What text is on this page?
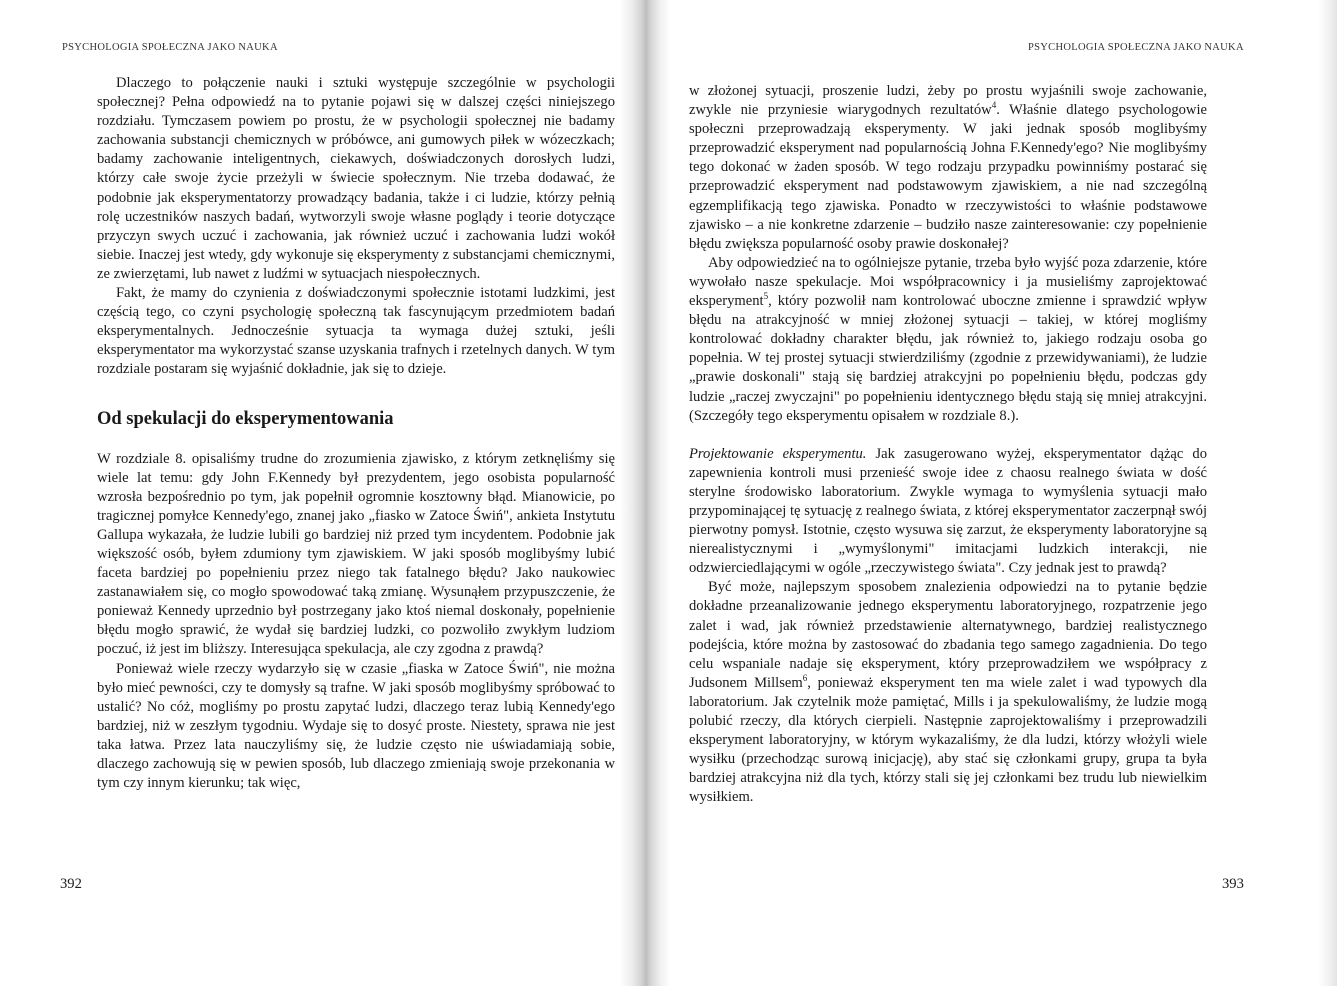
PSYCHOLOGIA SPOŁECZNA JAKO NAUKA

Dlaczego to połączenie nauki i sztuki występuje szczególnie w psychologii społecznej? Pełna odpowiedź na to pytanie pojawi się w dalszej części niniejszego rozdziału. Tymczasem powiem po prostu, że w psychologii społecznej nie badamy zachowania substancji chemicznych w próbówce, ani gumowych piłek w wózeczkach; badamy zachowanie inteligentnych, ciekawych, doświadczonych dorosłych ludzi, którzy całe swoje życie przeżyli w świecie społecznym. Nie trzeba dodawać, że podobnie jak eksperymentatorzy prowadzący badania, także i ci ludzie, którzy pełnią rolę uczestników naszych badań, wytworzyli swoje własne poglądy i teorie dotyczące przyczyn swych uczuć i zachowania, jak również uczuć i zachowania ludzi wokół siebie. Inaczej jest wtedy, gdy wykonuje się eksperymenty z substancjami chemicznymi, ze zwierzętami, lub nawet z ludźmi w sytuacjach niespołecznych.

Fakt, że mamy do czynienia z doświadczonymi społecznie istotami ludzkimi, jest częścią tego, co czyni psychologię społeczną tak fascynującym przedmiotem badań eksperymentalnych. Jednocześnie sytuacja ta wymaga dużej sztuki, jeśli eksperymentator ma wykorzystać szanse uzyskania trafnych i rzetelnych danych. W tym rozdziale postaram się wyjaśnić dokładnie, jak się to dzieje.

Od spekulacji do eksperymentowania

W rozdziale 8. opisaliśmy trudne do zrozumienia zjawisko, z którym zetknęliśmy się wiele lat temu: gdy John F.Kennedy był prezydentem, jego osobista popularność wzrosła bezpośrednio po tym, jak popełnił ogromnie kosztowny błąd. Mianowicie, po tragicznej pomyłce Kennedy'ego, znanej jako „fiasko w Zatoce Świń", ankieta Instytutu Gallupa wykazała, że ludzie lubili go bardziej niż przed tym incydentem. Podobnie jak większość osób, byłem zdumiony tym zjawiskiem. W jaki sposób moglibyśmy lubić faceta bardziej po popełnieniu przez niego tak fatalnego błędu? Jako naukowiec zastanawiałem się, co mogło spowodować taką zmianę. Wysunąłem przypuszczenie, że ponieważ Kennedy uprzednio był postrzegany jako ktoś niemal doskonały, popełnienie błędu mogło sprawić, że wydał się bardziej ludzki, co pozwoliło zwykłym ludziom poczuć, iż jest im bliższy. Interesująca spekulacja, ale czy zgodna z prawdą?

Ponieważ wiele rzeczy wydarzyło się w czasie „fiaska w Zatoce Świń", nie można było mieć pewności, czy te domysły są trafne. W jaki sposób moglibyśmy spróbować to ustalić? No cóż, mogliśmy po prostu zapytać ludzi, dlaczego teraz lubią Kennedy'ego bardziej, niż w zeszłym tygodniu. Wydaje się to dosyć proste. Niestety, sprawa nie jest taka łatwa. Przez lata nauczyliśmy się, że ludzie często nie uświadamiają sobie, dlaczego zachowują się w pewien sposób, lub dlaczego zmieniają swoje przekonania w tym czy innym kierunku; tak więc,

392
PSYCHOLOGIA SPOŁECZNA JAKO NAUKA

w złożonej sytuacji, proszenie ludzi, żeby po prostu wyjaśnili swoje zachowanie, zwykle nie przyniesie wiarygodnych rezultatów$^4$. Właśnie dlatego psychologowie społeczni przeprowadzają eksperymenty. W jaki jednak sposób moglibyśmy przeprowadzić eksperyment nad popularnością Johna F.Kennedy'ego? Nie moglibyśmy tego dokonać w żaden sposób. W tego rodzaju przypadku powinniśmy postarać się przeprowadzić eksperyment nad podstawowym zjawiskiem, a nie nad szczególną egzemplifikacją tego zjawiska. Ponadto w rzeczywistości to właśnie podstawowe zjawisko – a nie konkretne zdarzenie – budziło nasze zainteresowanie: czy popełnienie błędu zwiększa popularność osoby prawie doskonałej?

Aby odpowiedzieć na to ogólniejsze pytanie, trzeba było wyjść poza zdarzenie, które wywołało nasze spekulacje. Moi współpracownicy i ja musieliśmy zaprojektować eksperyment$^5$, który pozwolił nam kontrolować uboczne zmienne i sprawdzić wpływ błędu na atrakcyjność w mniej złożonej sytuacji – takiej, w której mogliśmy kontrolować dokładny charakter błędu, jak również to, jakiego rodzaju osoba go popełnia. W tej prostej sytuacji stwierdziliśmy (zgodnie z przewidywaniami), że ludzie „prawie doskonali" stają się bardziej atrakcyjni po popełnieniu błędu, podczas gdy ludzie „raczej zwyczajni" po popełnieniu identycznego błędu stają się mniej atrakcyjni. (Szczegóły tego eksperymentu opisałem w rozdziale 8.).

Projektowanie eksperymentu. Jak zasugerowano wyżej, eksperymentator dążąc do zapewnienia kontroli musi przenieść swoje idee z chaosu realnego świata w dość sterylne środowisko laboratorium. Zwykle wymaga to wymyślenia sytuacji mało przypominającej tę sytuację z realnego świata, z której eksperymentator zaczerpnął swój pierwotny pomysł. Istotnie, często wysuwa się zarzut, że eksperymenty laboratoryjne są nierealistycznymi i „wymyślonymi" imitacjami ludzkich interakcji, nie odzwierciedlającymi w ogóle „rzeczywistego świata". Czy jednak jest to prawdą?

Być może, najlepszym sposobem znalezienia odpowiedzi na to pytanie będzie dokładne przeanalizowanie jednego eksperymentu laboratoryjnego, rozpatrzenie jego zalet i wad, jak również przedstawienie alternatywnego, bardziej realistycznego podejścia, które można by zastosować do zbadania tego samego zagadnienia. Do tego celu wspaniale nadaje się eksperyment, który przeprowadziłem we współpracy z Judsonem Millsem$^6$, ponieważ eksperyment ten ma wiele zalet i wad typowych dla laboratorium. Jak czytelnik może pamiętać, Mills i ja spekulowaliśmy, że ludzie mogą polubić rzeczy, dla których cierpieli. Następnie zaprojektowaliśmy i przeprowadzili eksperyment laboratoryjny, w którym wykazaliśmy, że dla ludzi, którzy włożyli wiele wysiłku (przechodząc surową inicjację), aby stać się członkami grupy, grupa ta była bardziej atrakcyjna niż dla tych, którzy stali się jej członkami bez trudu lub niewielkim wysiłkiem.

393
